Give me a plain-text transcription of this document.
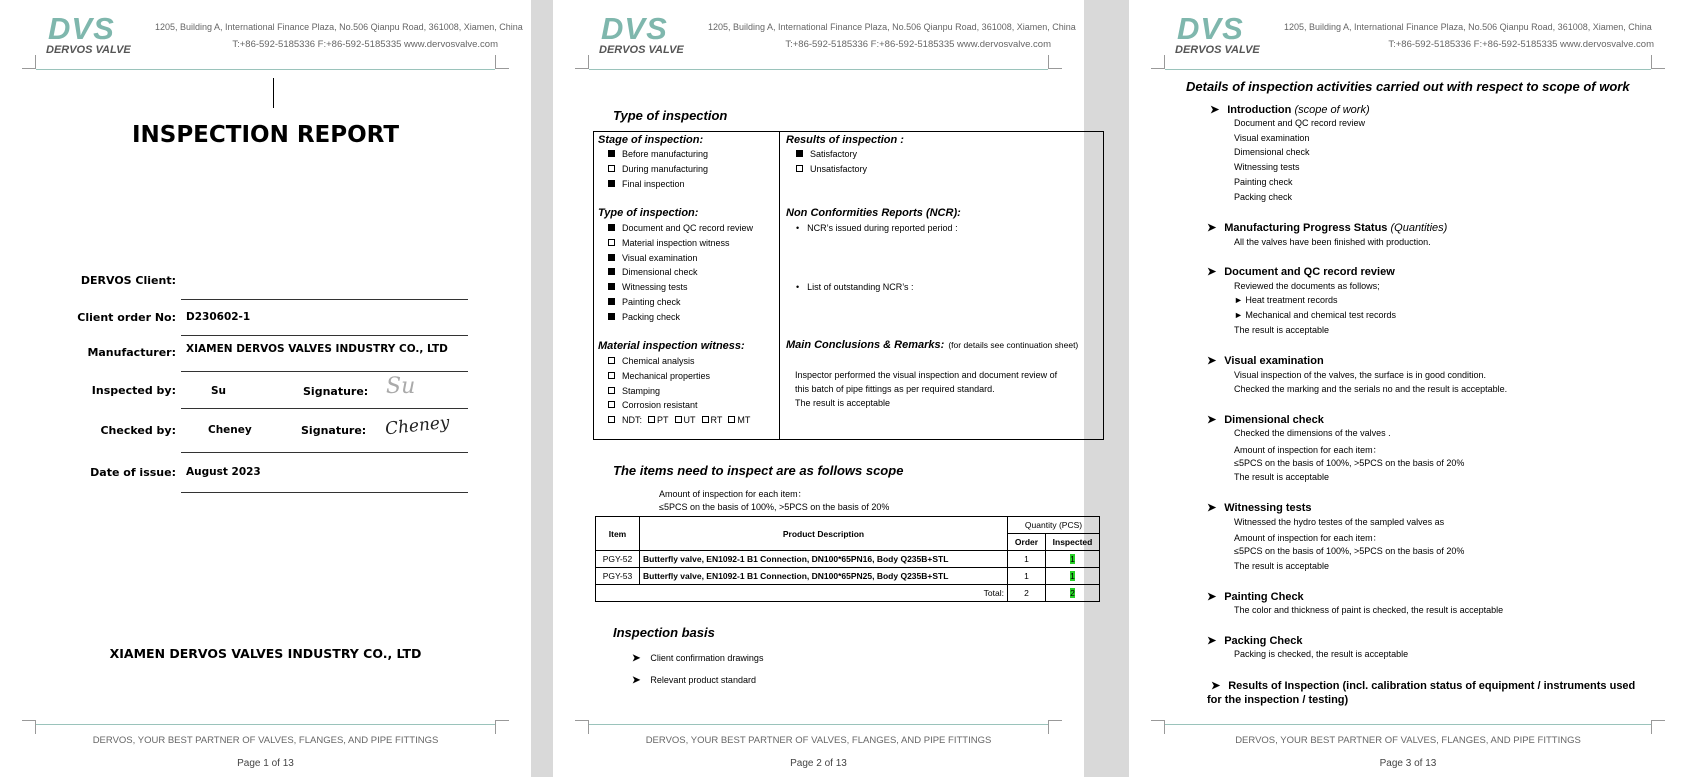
DVS
DERVOS VALVE
1205, Building A, International Finance Plaza, No.506 Qianpu Road, 361008, Xiamen, China
T:+86-592-5185336 F:+86-592-5185335 www.dervosvalve.com
INSPECTION REPORT
DERVOS Client:
Client order No: D230602-1
Manufacturer: XIAMEN DERVOS VALVES INDUSTRY CO., LTD
Inspected by:	Su	Signature: Su
Checked by:	Cheney	Signature: Cheney
Date of issue: August 2023
XIAMEN DERVOS VALVES INDUSTRY CO., LTD
DERVOS, YOUR BEST PARTNER OF VALVES, FLANGES, AND PIPE FITTINGS
Page 1 of 13
DVS
DERVOS VALVE
1205, Building A, International Finance Plaza, No.506 Qianpu Road, 361008, Xiamen, China
T:+86-592-5185336 F:+86-592-5185335 www.dervosvalve.com
Type of inspection
Stage of inspection:
Before manufacturing
During manufacturing
Final inspection
Type of inspection:
Document and QC record review
Material inspection witness
Visual examination
Dimensional check
Witnessing tests
Painting check
Packing check
Material inspection witness:
Chemical analysis
Mechanical properties
Stamping
Corrosion resistant
NDT: PT UT RT MT
Results of inspection :
Satisfactory
Unsatisfactory
Non Conformities Reports (NCR):
• NCR’s issued during reported period :
• List of outstanding NCR’s :
Main Conclusions & Remarks: (for details see continuation sheet)
Inspector performed the visual inspection and document review of
this batch of pipe fittings as per required standard.
The result is acceptable
The items need to inspect are as follows scope
Amount of inspection for each item：
≤5PCS on the basis of 100%, >5PCS on the basis of 20%
Item	Product Description	Quantity (PCS)	
		Order	Inspected
PGY-52	Butterfly valve, EN1092-1 B1 Connection, DN100*65PN16, Body Q235B+STL	1	1
PGY-53	Butterfly valve, EN1092-1 B1 Connection, DN100*65PN25, Body Q235B+STL	1	1
Total:		2	2
Inspection basis
➤ Client confirmation drawings
➤ Relevant product standard
DERVOS, YOUR BEST PARTNER OF VALVES, FLANGES, AND PIPE FITTINGS
Page 2 of 13
DVS
DERVOS VALVE
1205, Building A, International Finance Plaza, No.506 Qianpu Road, 361008, Xiamen, China
T:+86-592-5185336 F:+86-592-5185335 www.dervosvalve.com
Details of inspection activities carried out with respect to scope of work
➤ Introduction (scope of work)
Document and QC record review
Visual examination
Dimensional check
Witnessing tests
Painting check
Packing check
➤ Manufacturing Progress Status (Quantities)
All the valves have been finished with production.
➤ Document and QC record review
Reviewed the documents as follows;
► Heat treatment records
► Mechanical and chemical test records
The result is acceptable
➤ Visual examination
Visual inspection of the valves, the surface is in good condition.
Checked the marking and the serials no and the result is acceptable.
➤ Dimensional check
Checked the dimensions of the valves .
Amount of inspection for each item：
≤5PCS on the basis of 100%, >5PCS on the basis of 20%
The result is acceptable
➤ Witnessing tests
Witnessed the hydro testes of the sampled valves as
Amount of inspection for each item：
≤5PCS on the basis of 100%, >5PCS on the basis of 20%
The result is acceptable
➤ Painting Check
The color and thickness of paint is checked, the result is acceptable
➤ Packing Check
Packing is checked, the result is acceptable
➤ Results of Inspection (incl. calibration status of equipment / instruments used
for the inspection / testing)
DERVOS, YOUR BEST PARTNER OF VALVES, FLANGES, AND PIPE FITTINGS
Page 3 of 13
